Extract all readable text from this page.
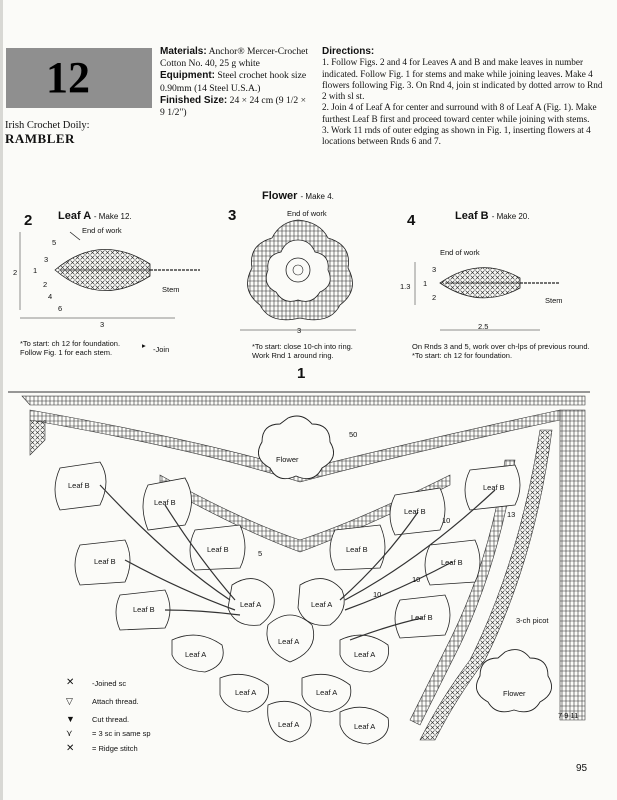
12
Irish Crochet Doily:
RAMBLER
Materials: Anchor® Mercer-Crochet Cotton No. 40, 25 g white
Equipment: Steel crochet hook size 0.90mm (14 Steel U.S.A.)
Finished Size: 24 × 24 cm (9 1/2 × 9 1/2")
Directions:

1. Follow Figs. 2 and 4 for Leaves A and B and make leaves in number indicated. Follow Fig. 1 for stems and make while joining leaves. Make 4 flowers following Fig. 3. On Rnd 4, join st indicated by dotted arrow to Rnd 2 with sl st.

2. Join 4 of Leaf A for center and surround with 8 of Leaf A (Fig. 1). Make furthest Leaf B first and proceed toward center while joining with stems.

3. Work 11 rnds of outer edging as shown in Fig. 1, inserting flowers at 4 locations between Rnds 6 and 7.

2 Leaf A - Make 12.
End of work
Stem
3
2
5
3
1
2
4
6
*To start: ch 12 for foundation.
Follow Fig. 1 for each stem.	-Join
3
Flower - Make 4.
End of work
3
*To start: close 10-ch into ring.
Work Rnd 1 around ring.
4	Leaf B - Make 20.
End of work
Stem
2.5
1.3
3
1
2
On Rnds 3 and 5, work over ch-lps of previous round.
*To start: ch 12 for foundation.
1
▸
✕
▽
▼
⋎
✕
Flower
Flower
50
10
10
13
10
5
3-ch picot
7 9 11
Leaf B
Leaf B
Leaf B
Leaf B
Leaf B	Leaf B
Leaf B
Leaf B
Leaf B
Leaf B
Leaf A	Leaf A
Leaf A
Leaf A	Leaf A
Leaf A	Leaf A
Leaf A	Leaf A
-Joined sc
Attach thread.
Cut thread.
= 3 sc in same sp
= Ridge stitch
95
